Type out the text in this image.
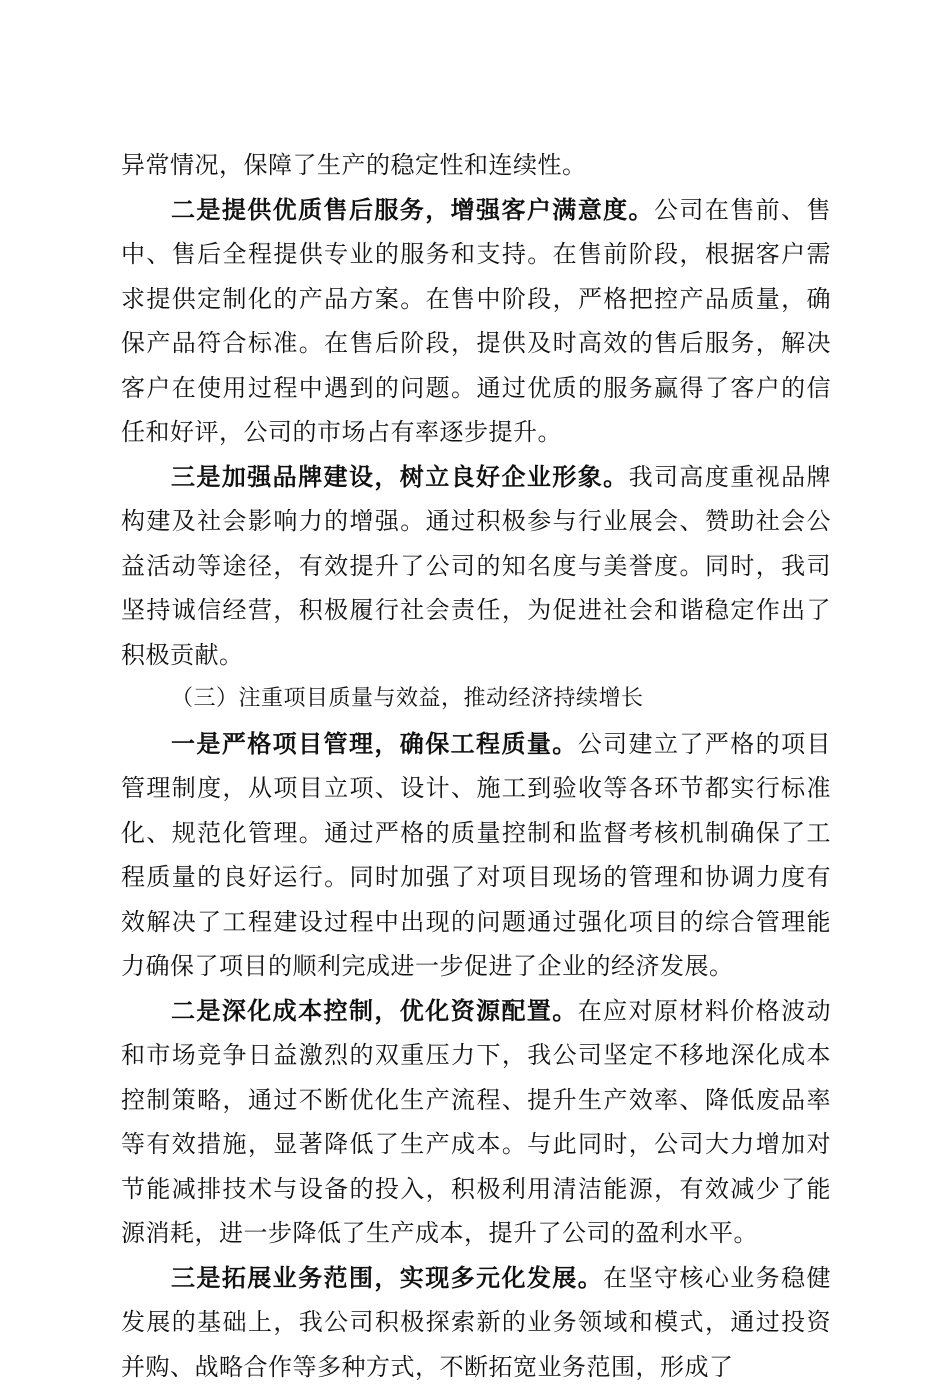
异常情况，保障了生产的稳定性和连续性。

二是提供优质售后服务，增强客户满意度。公司在售前、售中、售后全程提供专业的服务和支持。在售前阶段，根据客户需求提供定制化的产品方案。在售中阶段，严格把控产品质量，确保产品符合标准。在售后阶段，提供及时高效的售后服务，解决客户在使用过程中遇到的问题。通过优质的服务赢得了客户的信任和好评，公司的市场占有率逐步提升。

三是加强品牌建设，树立良好企业形象。我司高度重视品牌构建及社会影响力的增强。通过积极参与行业展会、赞助社会公益活动等途径，有效提升了公司的知名度与美誉度。同时，我司坚持诚信经营，积极履行社会责任，为促进社会和谐稳定作出了积极贡献。

（三）注重项目质量与效益，推动经济持续增长

一是严格项目管理，确保工程质量。公司建立了严格的项目管理制度，从项目立项、设计、施工到验收等各环节都实行标准化、规范化管理。通过严格的质量控制和监督考核机制确保了工程质量的良好运行。同时加强了对项目现场的管理和协调力度有效解决了工程建设过程中出现的问题通过强化项目的综合管理能力确保了项目的顺利完成进一步促进了企业的经济发展。

二是深化成本控制，优化资源配置。在应对原材料价格波动和市场竞争日益激烈的双重压力下，我公司坚定不移地深化成本控制策略，通过不断优化生产流程、提升生产效率、降低废品率等有效措施，显著降低了生产成本。与此同时，公司大力增加对节能减排技术与设备的投入，积极利用清洁能源，有效减少了能源消耗，进一步降低了生产成本，提升了公司的盈利水平。

三是拓展业务范围，实现多元化发展。在坚守核心业务稳健发展的基础上，我公司积极探索新的业务领域和模式，通过投资并购、战略合作等多种方式，不断拓宽业务范围，形成了
